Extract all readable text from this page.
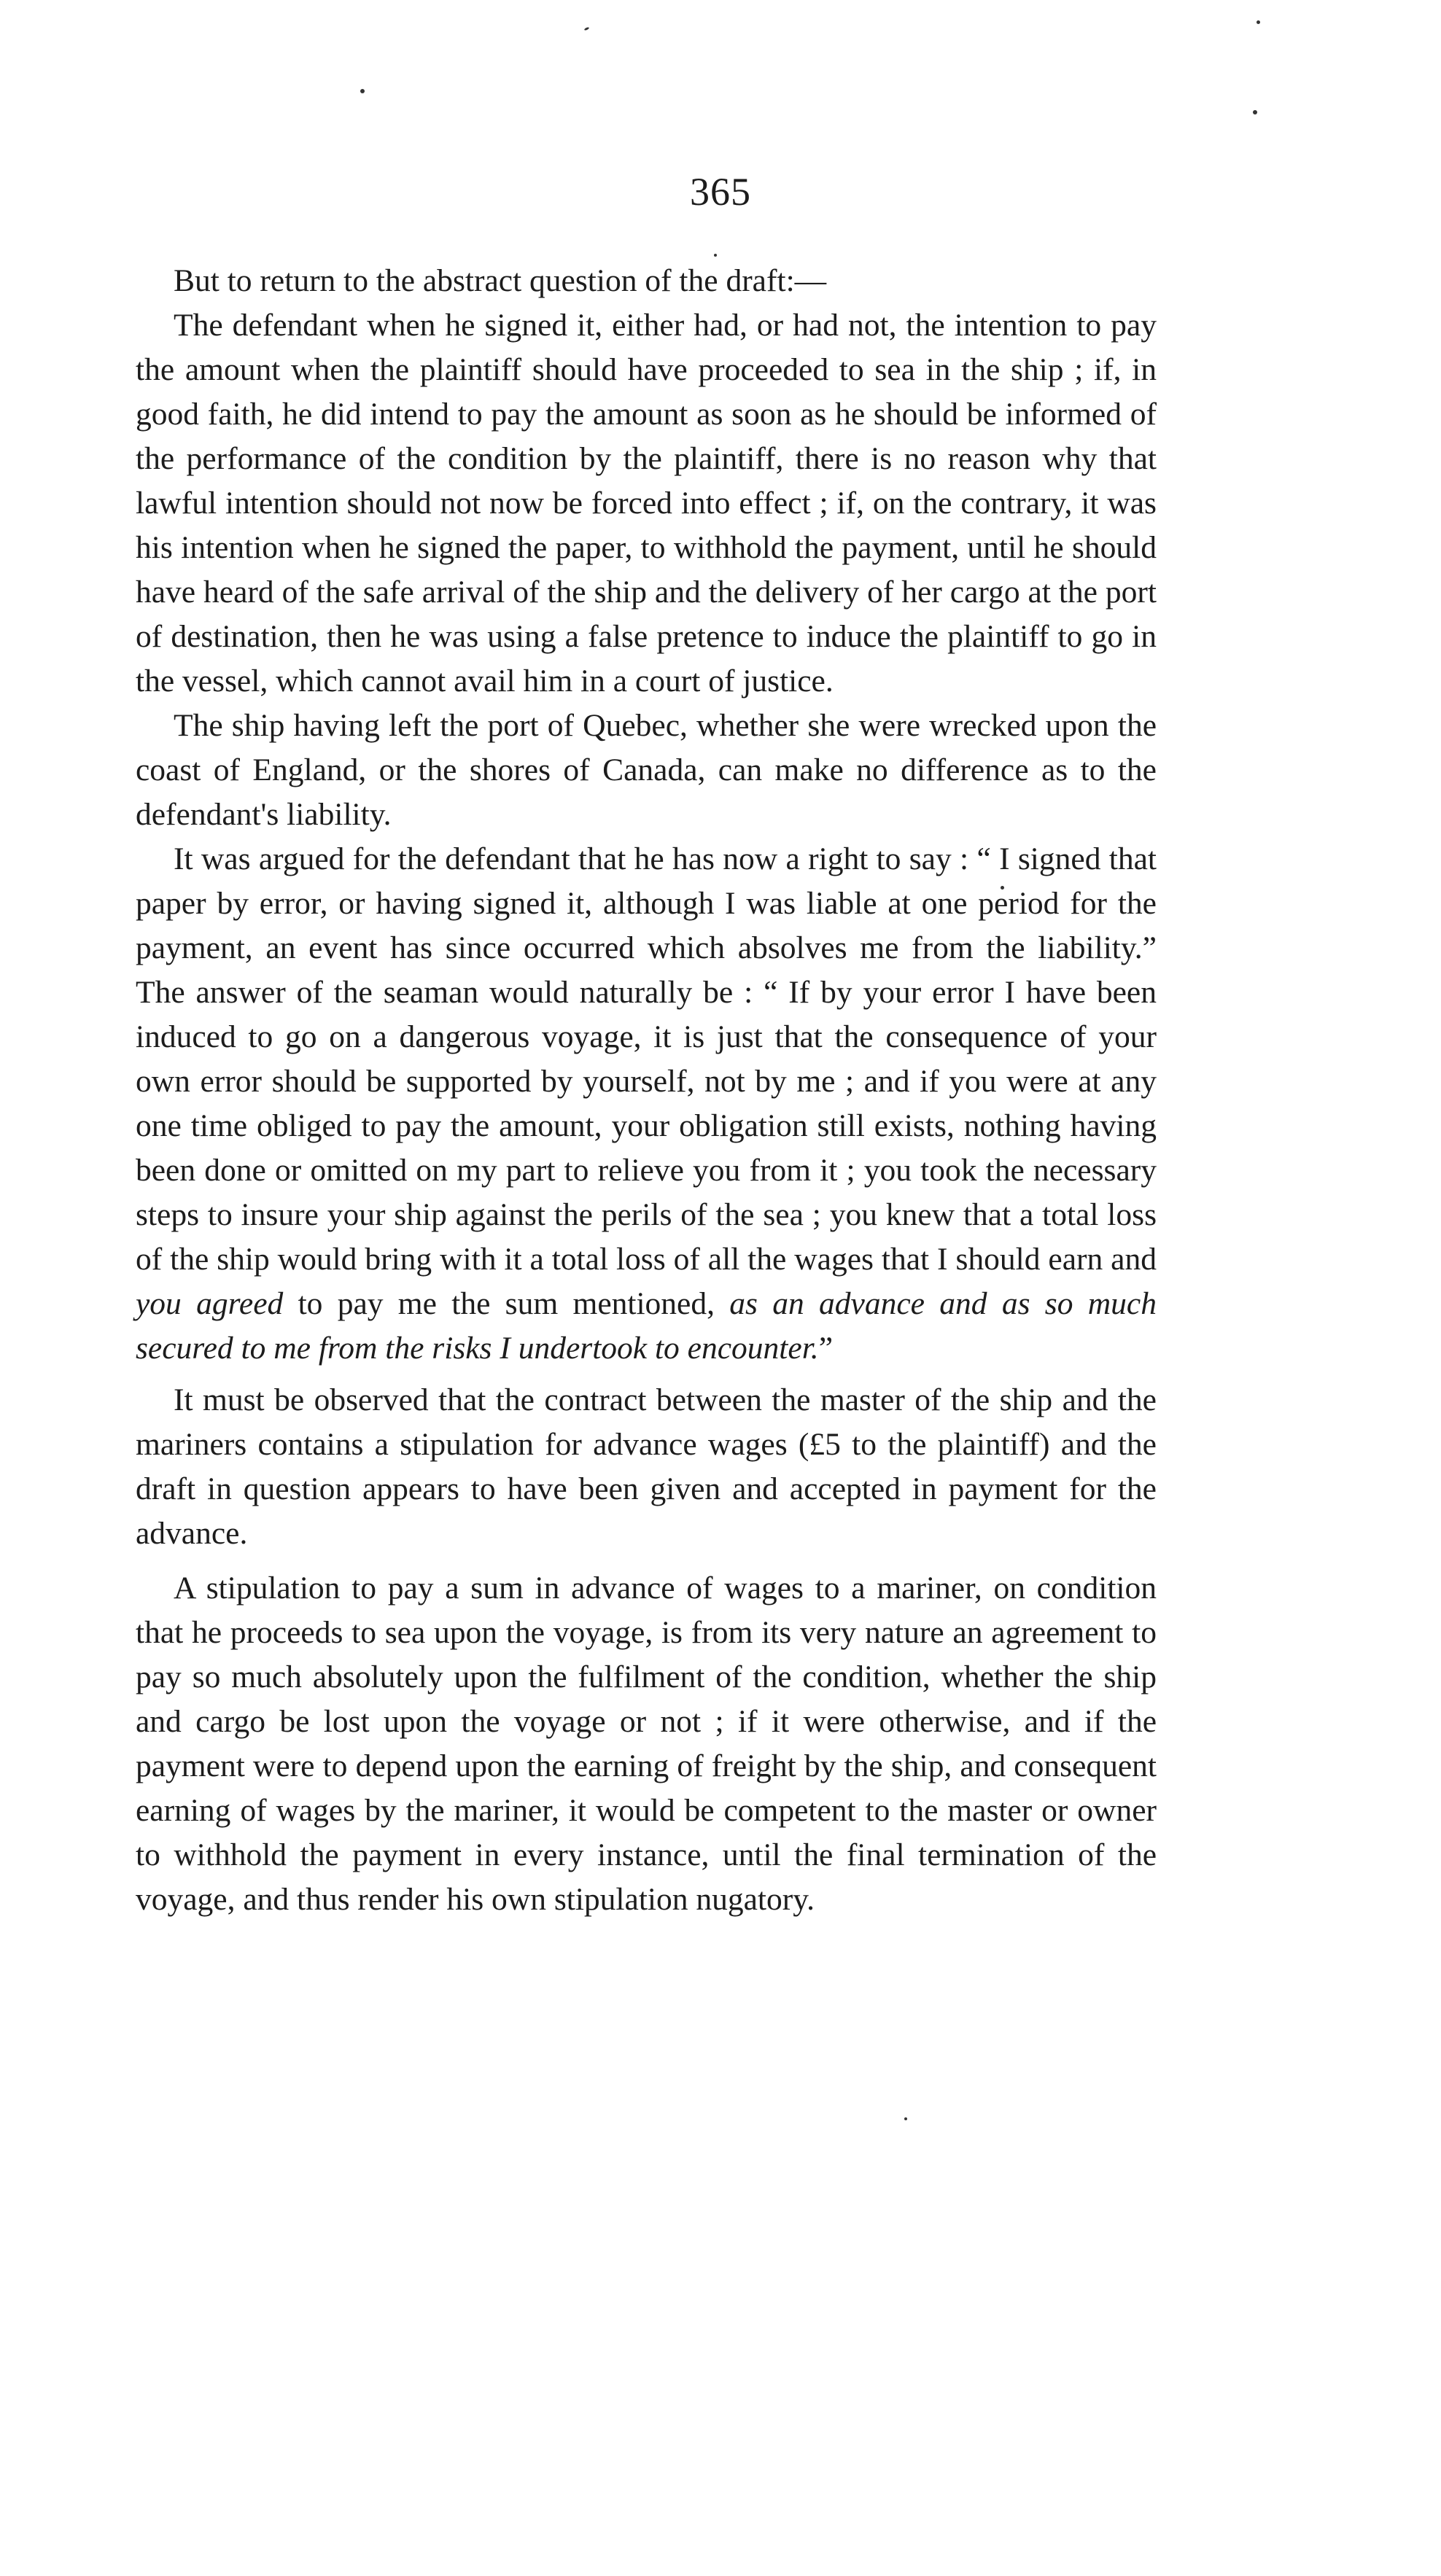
365

But to return to the abstract question of the draft:—

The defendant when he signed it, either had, or had not, the intention to pay the amount when the plaintiff should have proceeded to sea in the ship ; if, in good faith, he did intend to pay the amount as soon as he should be informed of the performance of the condition by the plaintiff, there is no reason why that lawful intention should not now be forced into effect ; if, on the contrary, it was his intention when he signed the paper, to withhold the payment, until he should have heard of the safe arrival of the ship and the delivery of her cargo at the port of destination, then he was using a false pretence to induce the plaintiff to go in the vessel, which cannot avail him in a court of justice.

The ship having left the port of Quebec, whether she were wrecked upon the coast of England, or the shores of Canada, can make no difference as to the defendant's liability.

It was argued for the defendant that he has now a right to say : “ I signed that paper by error, or having signed it, although I was liable at one period for the payment, an event has since occurred which absolves me from the liability.” The answer of the seaman would naturally be : “ If by your error I have been induced to go on a dangerous voyage, it is just that the consequence of your own error should be supported by yourself, not by me ; and if you were at any one time obliged to pay the amount, your obligation still exists, nothing having been done or omitted on my part to relieve you from it ; you took the necessary steps to insure your ship against the perils of the sea ; you knew that a total loss of the ship would bring with it a total loss of all the wages that I should earn and you agreed to pay me the sum mentioned, as an advance and as so much secured to me from the risks I undertook to encounter.”

It must be observed that the contract between the master of the ship and the mariners contains a stipulation for advance wages (£5 to the plaintiff) and the draft in question appears to have been given and accepted in payment for the advance.

A stipulation to pay a sum in advance of wages to a mariner, on condition that he proceeds to sea upon the voyage, is from its very nature an agreement to pay so much absolutely upon the fulfilment of the condition, whether the ship and cargo be lost upon the voyage or not ; if it were otherwise, and if the payment were to depend upon the earning of freight by the ship, and consequent earning of wages by the mariner, it would be competent to the master or owner to withhold the payment in every instance, until the final termination of the voyage, and thus render his own stipulation nugatory.
